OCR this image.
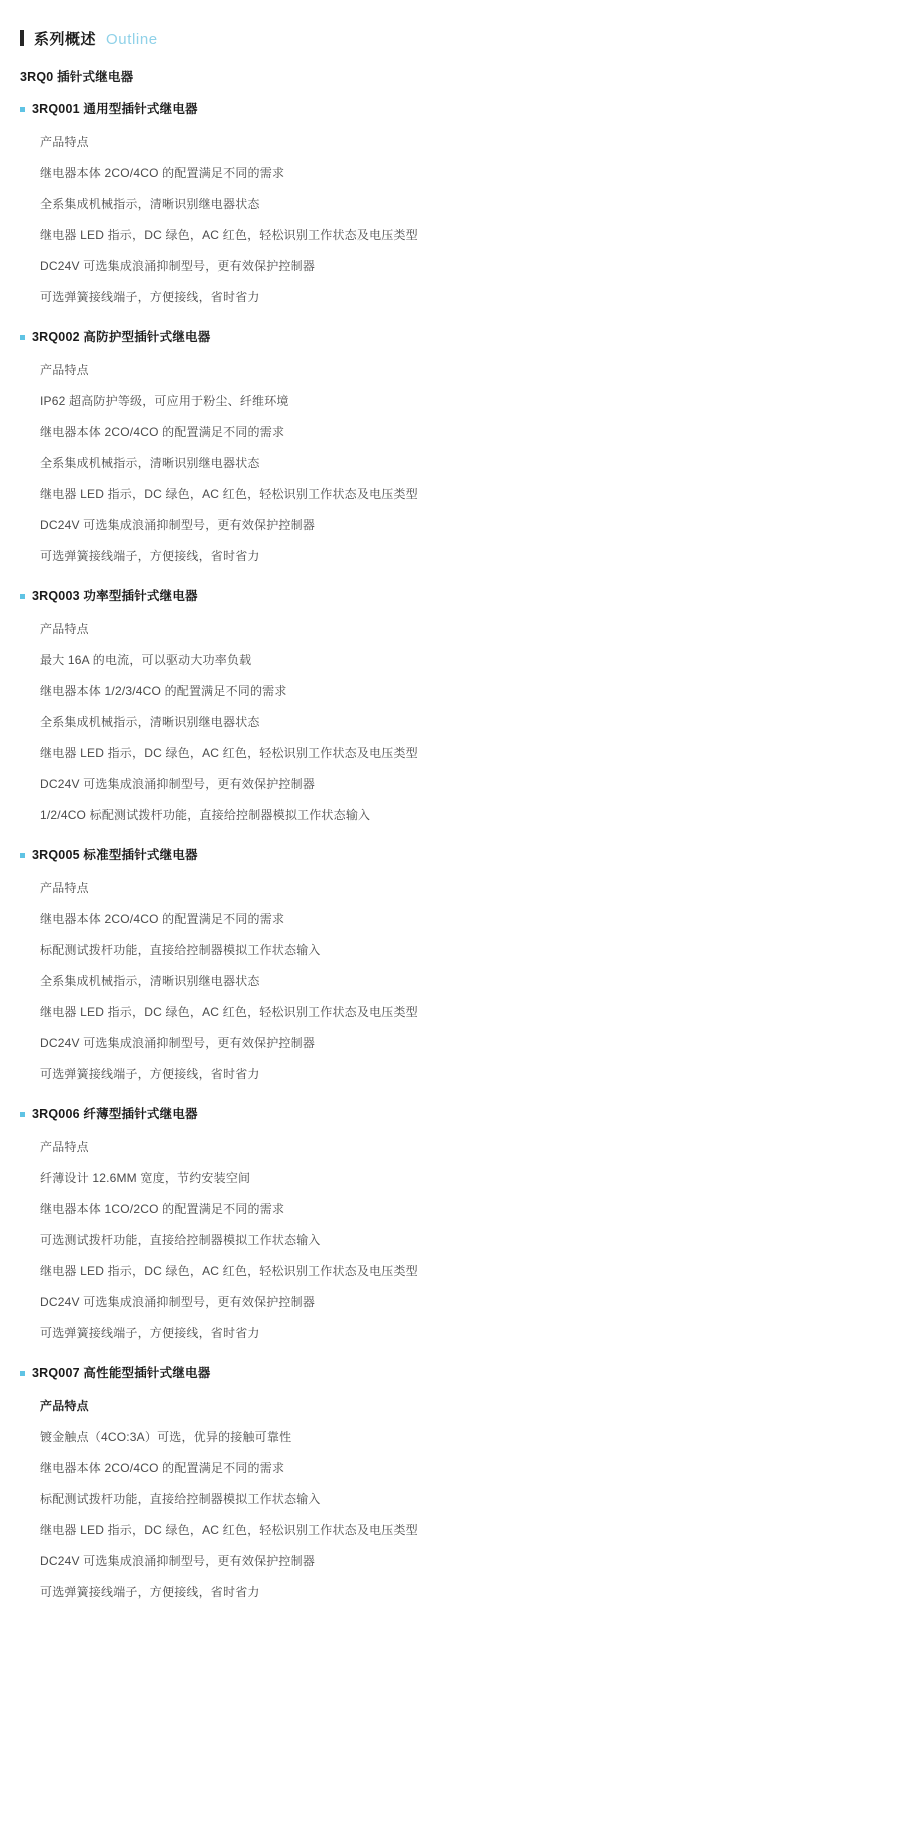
系列概述 Outline
3RQ0 插针式继电器
3RQ001 通用型插针式继电器
产品特点
继电器本体 2CO/4CO 的配置满足不同的需求
全系集成机械指示，清晰识别继电器状态
继电器 LED 指示，DC 绿色，AC 红色，轻松识别工作状态及电压类型
DC24V 可选集成浪涌抑制型号，更有效保护控制器
可选弹簧接线端子，方便接线，省时省力
3RQ002 高防护型插针式继电器
产品特点
IP62 超高防护等级，可应用于粉尘、纤维环境
继电器本体 2CO/4CO 的配置满足不同的需求
全系集成机械指示，清晰识别继电器状态
继电器 LED 指示，DC 绿色，AC 红色，轻松识别工作状态及电压类型
DC24V 可选集成浪涌抑制型号，更有效保护控制器
可选弹簧接线端子，方便接线，省时省力
3RQ003 功率型插针式继电器
产品特点
最大 16A 的电流，可以驱动大功率负载
继电器本体 1/2/3/4CO 的配置满足不同的需求
全系集成机械指示，清晰识别继电器状态
继电器 LED 指示，DC 绿色，AC 红色，轻松识别工作状态及电压类型
DC24V 可选集成浪涌抑制型号，更有效保护控制器
1/2/4CO 标配测试拨杆功能，直接给控制器模拟工作状态输入
3RQ005 标准型插针式继电器
产品特点
继电器本体 2CO/4CO 的配置满足不同的需求
标配测试拨杆功能，直接给控制器模拟工作状态输入
全系集成机械指示，清晰识别继电器状态
继电器 LED 指示，DC 绿色，AC 红色，轻松识别工作状态及电压类型
DC24V 可选集成浪涌抑制型号，更有效保护控制器
可选弹簧接线端子，方便接线，省时省力
3RQ006 纤薄型插针式继电器
产品特点
纤薄设计 12.6MM 宽度，节约安装空间
继电器本体 1CO/2CO 的配置满足不同的需求
可选测试拨杆功能，直接给控制器模拟工作状态输入
继电器 LED 指示，DC 绿色，AC 红色，轻松识别工作状态及电压类型
DC24V 可选集成浪涌抑制型号，更有效保护控制器
可选弹簧接线端子，方便接线，省时省力
3RQ007 高性能型插针式继电器
产品特点
镀金触点（4CO:3A）可选，优异的接触可靠性
继电器本体 2CO/4CO 的配置满足不同的需求
标配测试拨杆功能，直接给控制器模拟工作状态输入
继电器 LED 指示，DC 绿色，AC 红色，轻松识别工作状态及电压类型
DC24V 可选集成浪涌抑制型号，更有效保护控制器
可选弹簧接线端子，方便接线，省时省力
